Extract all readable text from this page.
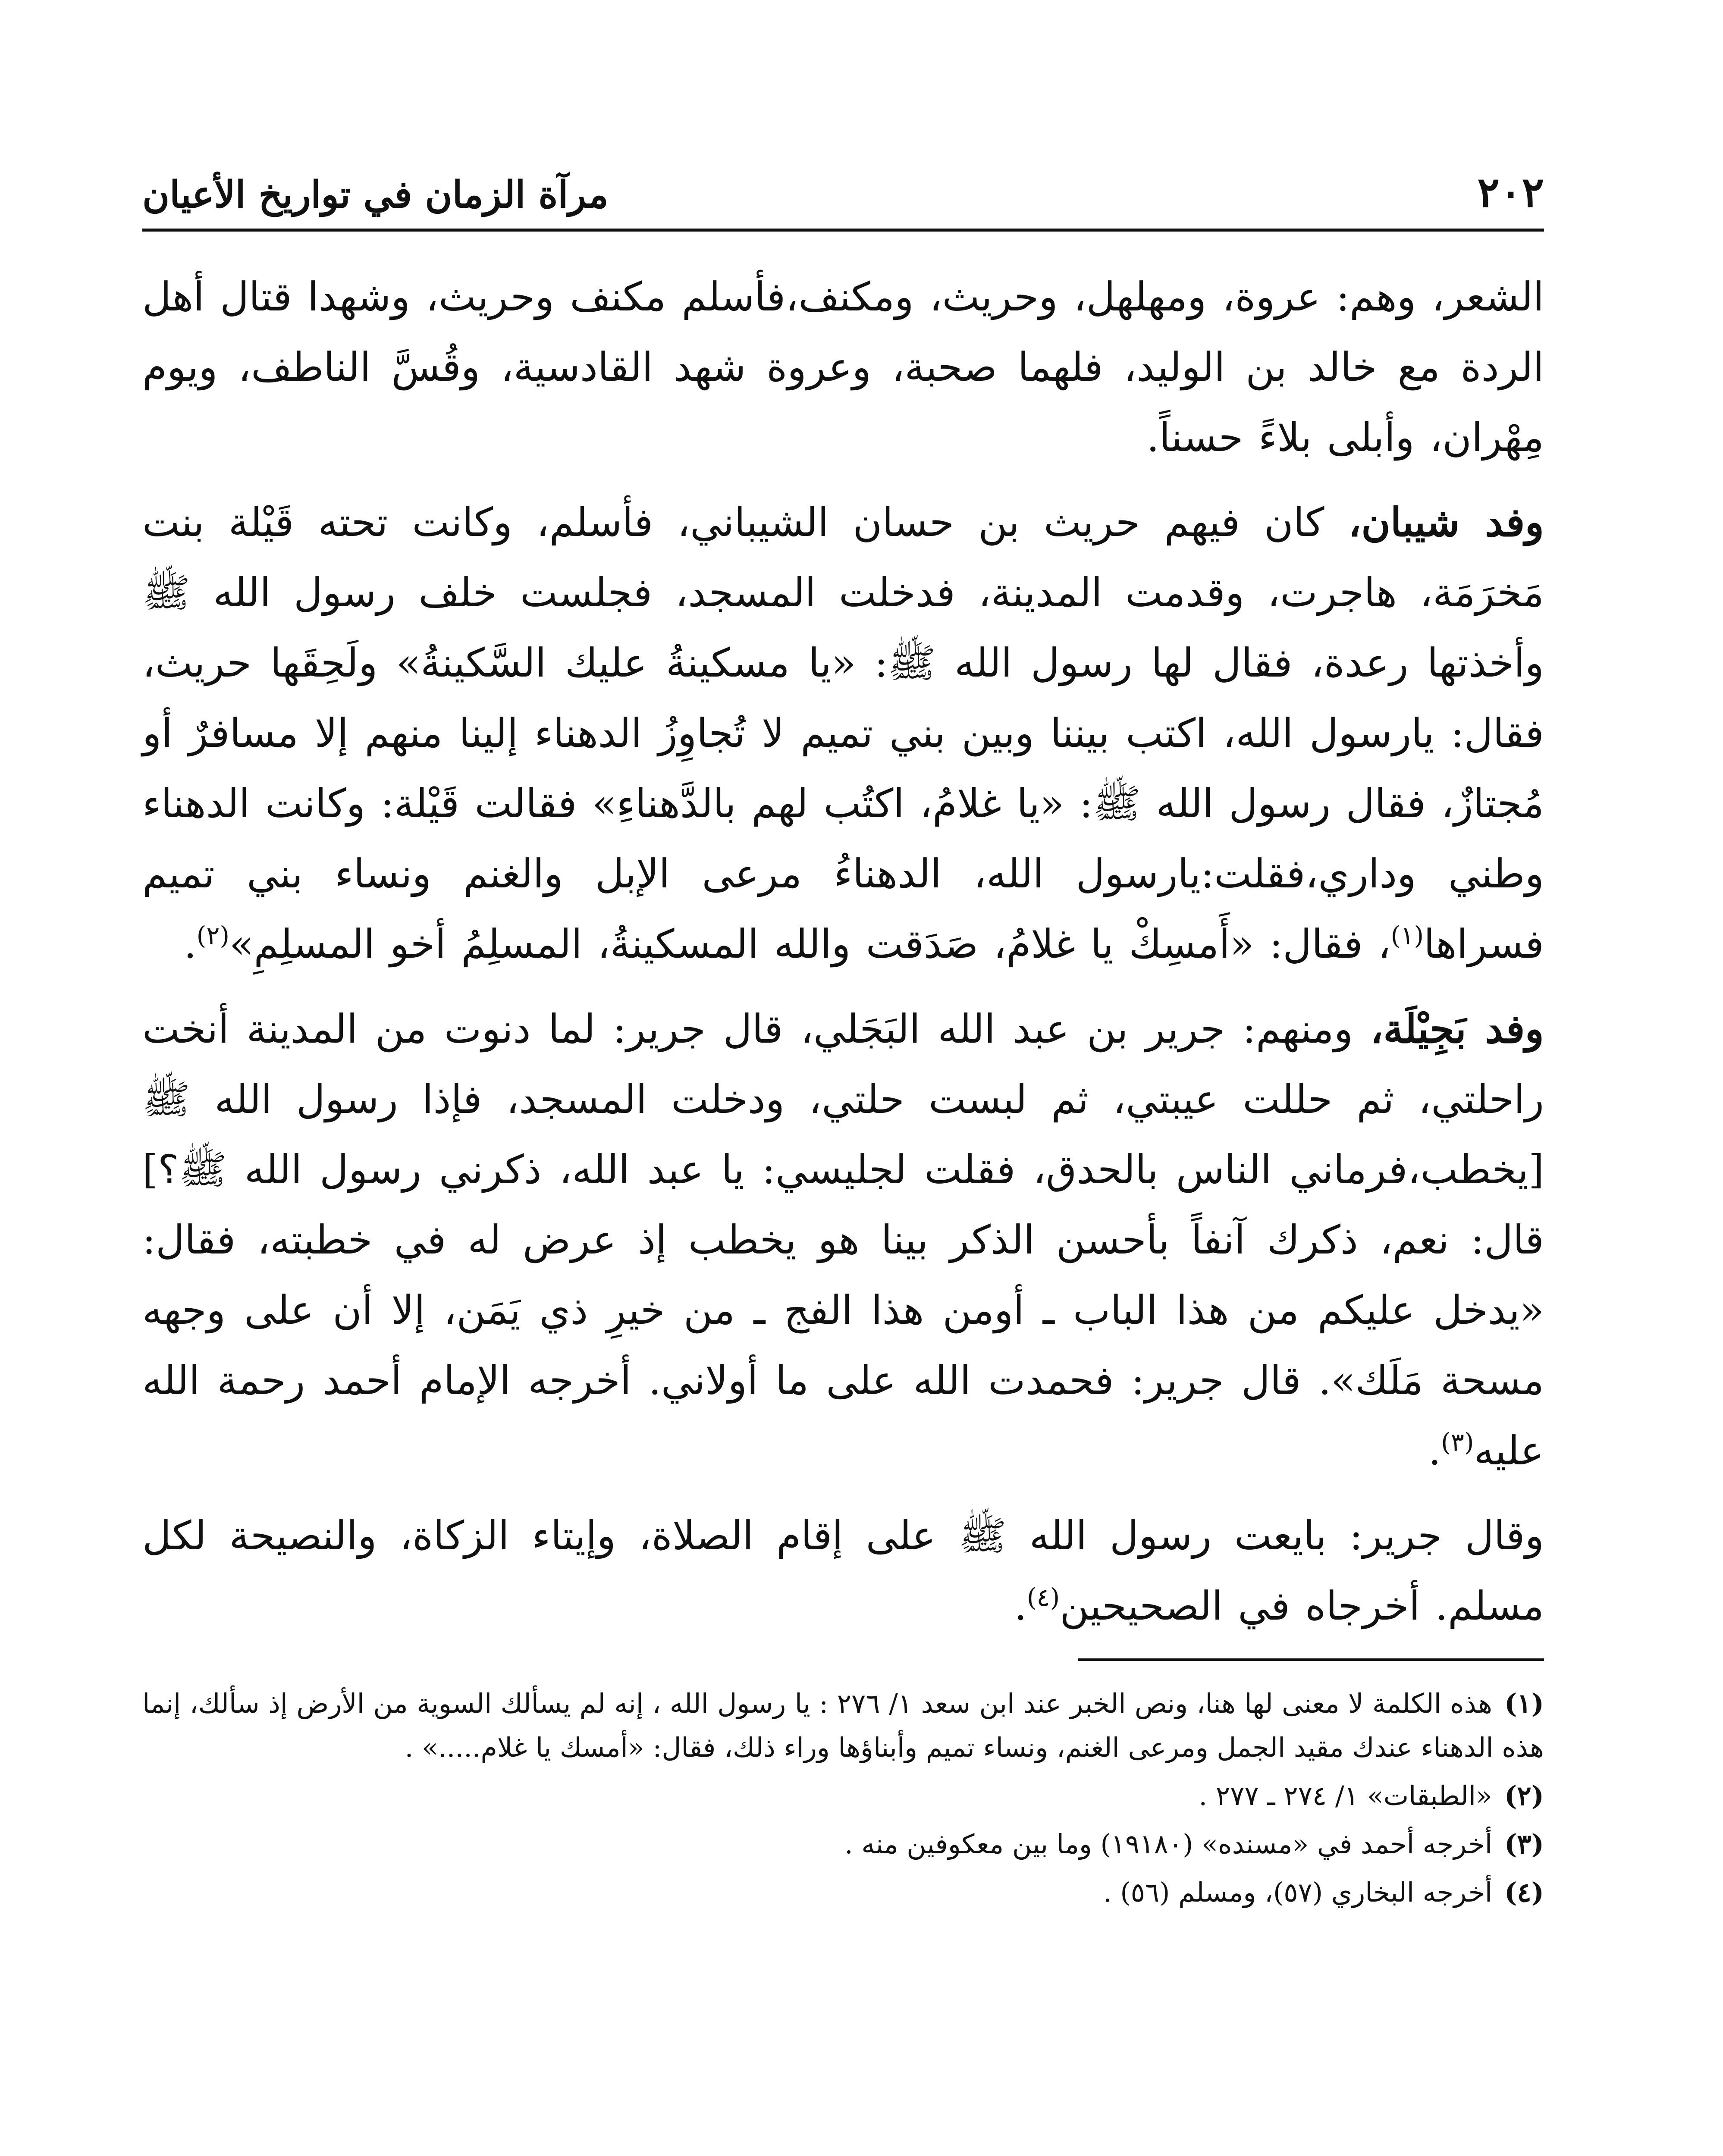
٢٠٢
مرآة الزمان في تواريخ الأعيان

الشعر، وهم: عروة، ومهلهل، وحريث، ومكنف،فأسلم مكنف وحريث، وشهدا قتال أهل الردة مع خالد بن الوليد، فلهما صحبة، وعروة شهد القادسية، وقُسَّ الناطف، ويوم مِهْران، وأبلى بلاءً حسناً.

وفد شيبان، كان فيهم حريث بن حسان الشيباني، فأسلم، وكانت تحته قَيْلة بنت مَخرَمَة، هاجرت، وقدمت المدينة، فدخلت المسجد، فجلست خلف رسول الله ﷺ وأخذتها رعدة، فقال لها رسول الله ﷺ: «يا مسكينةُ عليك السَّكينةُ» ولَحِقَها حريث، فقال: يارسول الله، اكتب بيننا وبين بني تميم لا تُجاوِزُ الدهناء إلينا منهم إلا مسافرٌ أو مُجتازٌ، فقال رسول الله ﷺ: «يا غلامُ، اكتُب لهم بالدَّهناءِ» فقالت قَيْلة: وكانت الدهناء وطني وداري،فقلت:يارسول الله، الدهناءُ مرعى الإبل والغنم ونساء بني تميم فسراها$^{(١)}$، فقال: «أَمسِكْ يا غلامُ، صَدَقت والله المسكينةُ، المسلِمُ أخو المسلِمِ»$^{(٢)}$.

وفد بَجِيْلَة، ومنهم: جرير بن عبد الله البَجَلي، قال جرير: لما دنوت من المدينة أنخت راحلتي، ثم حللت عيبتي، ثم لبست حلتي، ودخلت المسجد، فإذا رسول الله ﷺ [يخطب،فرماني الناس بالحدق، فقلت لجليسي: يا عبد الله، ذكرني رسول الله ﷺ؟] قال: نعم، ذكرك آنفاً بأحسن الذكر بينا هو يخطب إذ عرض له في خطبته، فقال: «يدخل عليكم من هذا الباب ـ أومن هذا الفج ـ من خيرِ ذي يَمَن، إلا أن على وجهه مسحة مَلَك». قال جرير: فحمدت الله على ما أولاني. أخرجه الإمام أحمد رحمة الله عليه$^{(٣)}$.

وقال جرير: بايعت رسول الله ﷺ على إقام الصلاة، وإيتاء الزكاة، والنصيحة لكل مسلم. أخرجاه في الصحيحين$^{(٤)}$.

(١)هذه الكلمة لا معنى لها هنا، ونص الخبر عند ابن سعد ١/ ٢٧٦ : يا رسول الله ، إنه لم يسألك السوية من الأرض إذ سألك، إنما هذه الدهناء عندك مقيد الجمل ومرعى الغنم، ونساء تميم وأبناؤها وراء ذلك، فقال: «أمسك يا غلام.....» .

(٢)«الطبقات» ١/ ٢٧٤ ـ ٢٧٧ .

(٣)أخرجه أحمد في «مسنده» (١٩١٨٠) وما بين معكوفين منه .

(٤)أخرجه البخاري (٥٧)، ومسلم (٥٦) .
